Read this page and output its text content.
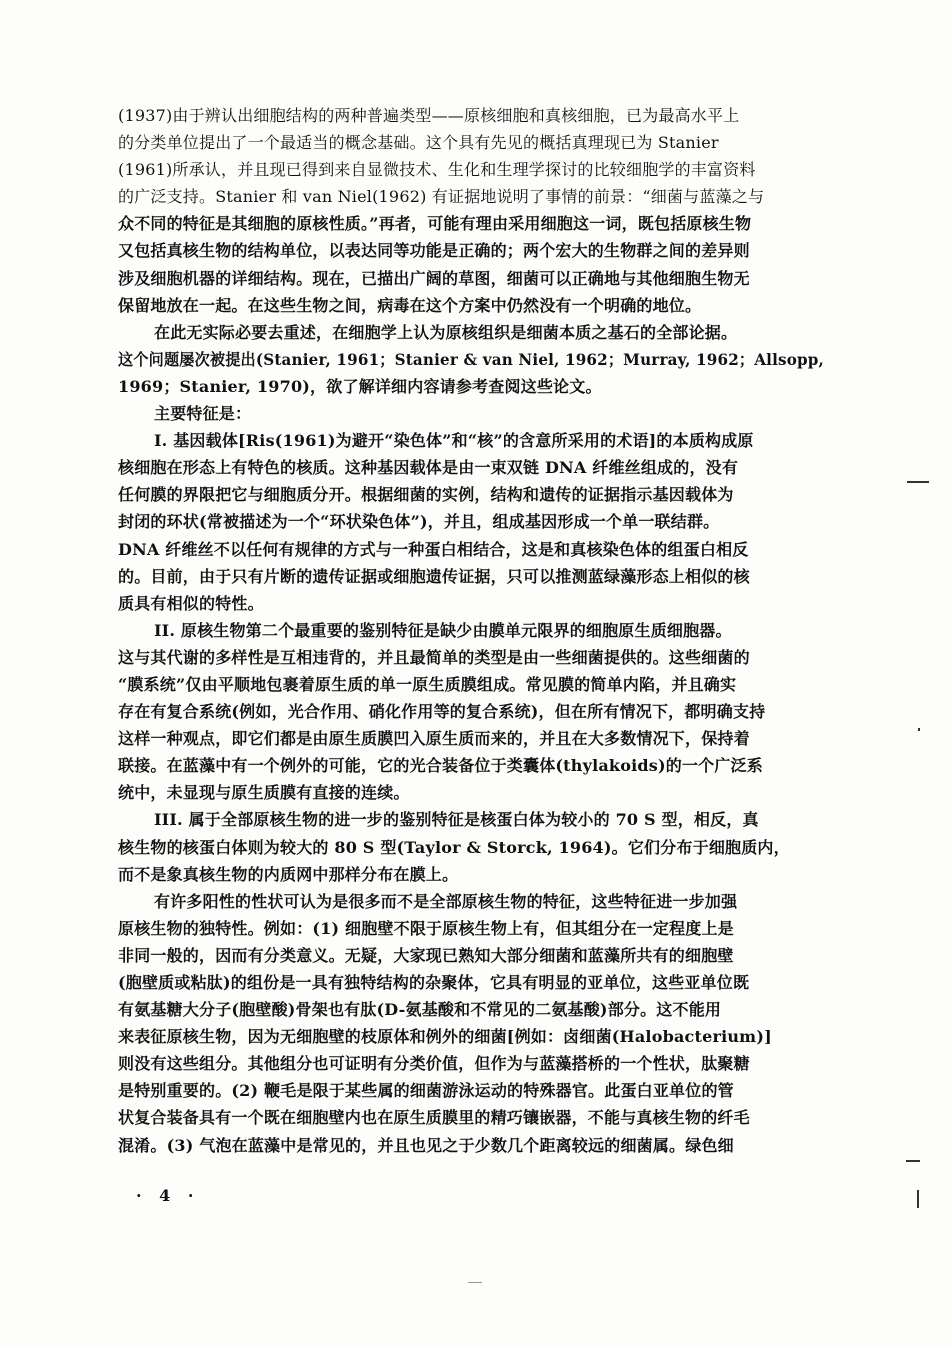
(1937)由于辨认出细胞结构的两种普遍类型——原核细胞和真核细胞，已为最高水平上
的分类单位提出了一个最适当的概念基础。这个具有先见的概括真理现已为 Stanier
(1961)所承认，并且现已得到来自显微技术、生化和生理学探讨的比较细胞学的丰富资料
的广泛支持。Stanier 和 van Niel(1962) 有证据地说明了事情的前景：“细菌与蓝藻之与
众不同的特征是其细胞的原核性质。”再者，可能有理由采用细胞这一词，既包括原核生物
又包括真核生物的结构单位，以表达同等功能是正确的；两个宏大的生物群之间的差异则
涉及细胞机器的详细结构。现在，已描出广阔的草图，细菌可以正确地与其他细胞生物无
保留地放在一起。在这些生物之间，病毒在这个方案中仍然没有一个明确的地位。
在此无实际必要去重述，在细胞学上认为原核组织是细菌本质之基石的全部论据。
这个问题屡次被提出(Stanier, 1961；Stanier & van Niel, 1962；Murray, 1962；Allsopp,
1969；Stanier, 1970)，欲了解详细内容请参考查阅这些论文。
主要特征是：
I. 基因载体[Ris(1961)为避开“染色体”和“核”的含意所采用的术语]的本质构成原
核细胞在形态上有特色的核质。这种基因载体是由一束双链 DNA 纤维丝组成的，没有
任何膜的界限把它与细胞质分开。根据细菌的实例，结构和遗传的证据指示基因载体为
封闭的环状(常被描述为一个“环状染色体”)，并且，组成基因形成一个单一联结群。
DNA 纤维丝不以任何有规律的方式与一种蛋白相结合，这是和真核染色体的组蛋白相反
的。目前，由于只有片断的遗传证据或细胞遗传证据，只可以推测蓝绿藻形态上相似的核
质具有相似的特性。
II. 原核生物第二个最重要的鉴别特征是缺少由膜单元限界的细胞原生质细胞器。
这与其代谢的多样性是互相违背的，并且最简单的类型是由一些细菌提供的。这些细菌的
“膜系统”仅由平顺地包裹着原生质的单一原生质膜组成。常见膜的简单内陷，并且确实
存在有复合系统(例如，光合作用、硝化作用等的复合系统)，但在所有情况下，都明确支持
这样一种观点，即它们都是由原生质膜凹入原生质而来的，并且在大多数情况下，保持着
联接。在蓝藻中有一个例外的可能，它的光合装备位于类囊体(thylakoids)的一个广泛系
统中，未显现与原生质膜有直接的连续。
III. 属于全部原核生物的进一步的鉴别特征是核蛋白体为较小的 70 S 型，相反，真
核生物的核蛋白体则为较大的 80 S 型(Taylor & Storck, 1964)。它们分布于细胞质内，
而不是象真核生物的内质网中那样分布在膜上。
有许多阳性的性状可认为是很多而不是全部原核生物的特征，这些特征进一步加强
原核生物的独特性。例如：(1) 细胞壁不限于原核生物上有，但其组分在一定程度上是
非同一般的，因而有分类意义。无疑，大家现已熟知大部分细菌和蓝藻所共有的细胞壁
(胞壁质或粘肽)的组份是一具有独特结构的杂聚体，它具有明显的亚单位，这些亚单位既
有氨基糖大分子(胞壁酸)骨架也有肽(D-氨基酸和不常见的二氨基酸)部分。这不能用
来表征原核生物，因为无细胞壁的枝原体和例外的细菌[例如：卤细菌(Halobacterium)]
则没有这些组分。其他组分也可证明有分类价值，但作为与蓝藻搭桥的一个性状，肽聚糖
是特别重要的。(2) 鞭毛是限于某些属的细菌游泳运动的特殊器官。此蛋白亚单位的管
状复合装备具有一个既在细胞壁内也在原生质膜里的精巧镶嵌器，不能与真核生物的纤毛
混淆。(3) 气泡在蓝藻中是常见的，并且也见之于少数几个距离较远的细菌属。绿色细
· 4 ·
